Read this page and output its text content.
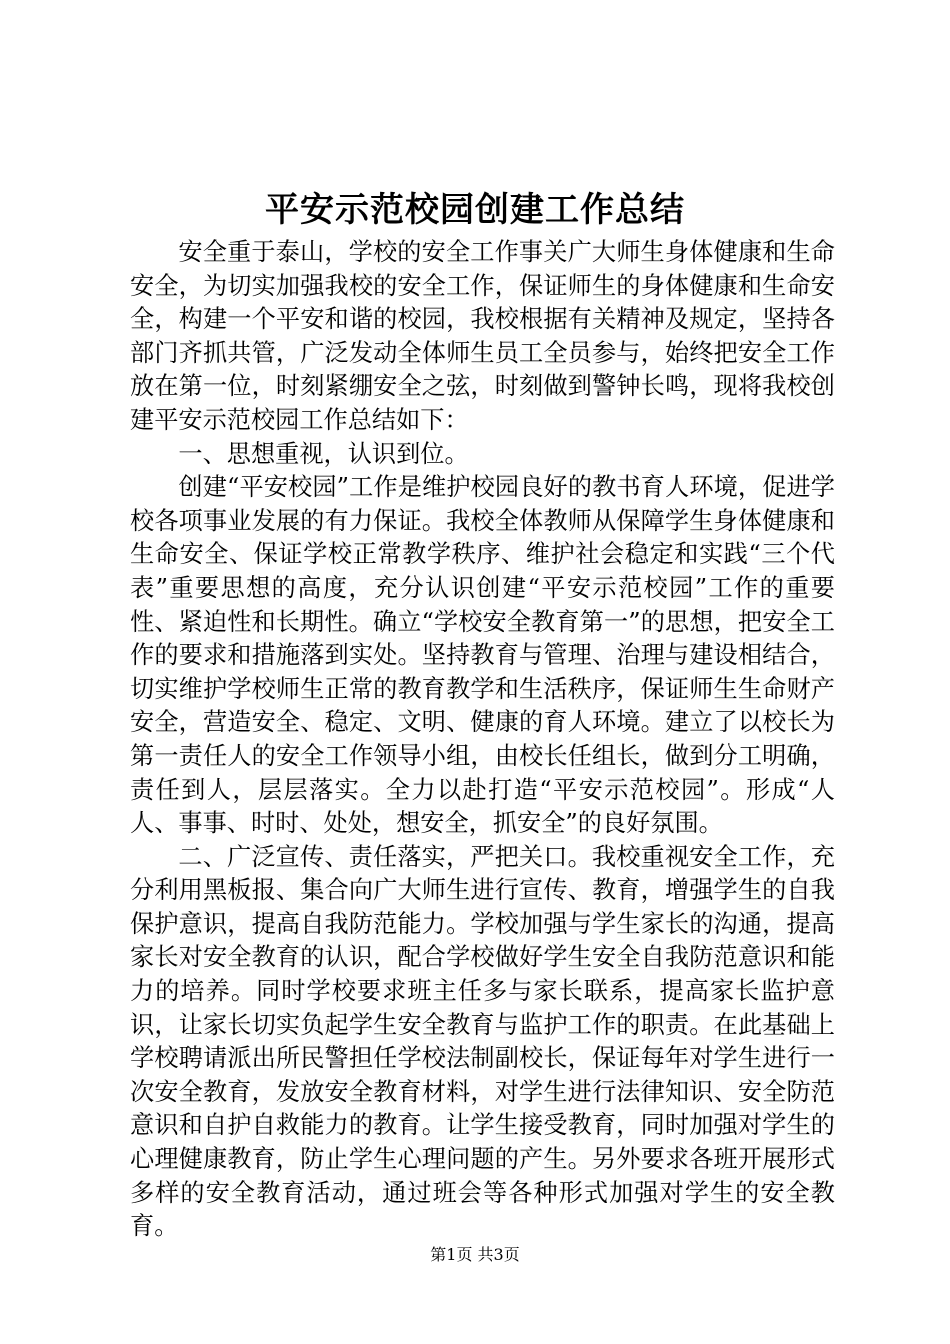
平安示范校园创建工作总结

安全重于泰山，学校的安全工作事关广大师生身体健康和生命安全，为切实加强我校的安全工作，保证师生的身体健康和生命安全，构建一个平安和谐的校园，我校根据有关精神及规定，坚持各部门齐抓共管，广泛发动全体师生员工全员参与，始终把安全工作放在第一位，时刻紧绷安全之弦，时刻做到警钟长鸣，现将我校创建平安示范校园工作总结如下：

一、思想重视，认识到位。

创建“平安校园”工作是维护校园良好的教书育人环境，促进学校各项事业发展的有力保证。我校全体教师从保障学生身体健康和生命安全、保证学校正常教学秩序、维护社会稳定和实践“三个代表”重要思想的高度，充分认识创建“平安示范校园”工作的重要性、紧迫性和长期性。确立“学校安全教育第一”的思想，把安全工作的要求和措施落到实处。坚持教育与管理、治理与建设相结合，切实维护学校师生正常的教育教学和生活秩序，保证师生生命财产安全，营造安全、稳定、文明、健康的育人环境。建立了以校长为第一责任人的安全工作领导小组，由校长任组长，做到分工明确，责任到人，层层落实。全力以赴打造“平安示范校园”。形成“人人、事事、时时、处处，想安全，抓安全”的良好氛围。

二、广泛宣传、责任落实，严把关口。我校重视安全工作，充分利用黑板报、集合向广大师生进行宣传、教育，增强学生的自我保护意识，提高自我防范能力。学校加强与学生家长的沟通，提高家长对安全教育的认识，配合学校做好学生安全自我防范意识和能力的培养。同时学校要求班主任多与家长联系，提高家长监护意识，让家长切实负起学生安全教育与监护工作的职责。在此基础上学校聘请派出所民警担任学校法制副校长，保证每年对学生进行一次安全教育，发放安全教育材料，对学生进行法律知识、安全防范意识和自护自救能力的教育。让学生接受教育，同时加强对学生的心理健康教育，防止学生心理问题的产生。另外要求各班开展形式多样的安全教育活动，通过班会等各种形式加强对学生的安全教育。

第1页 共3页
